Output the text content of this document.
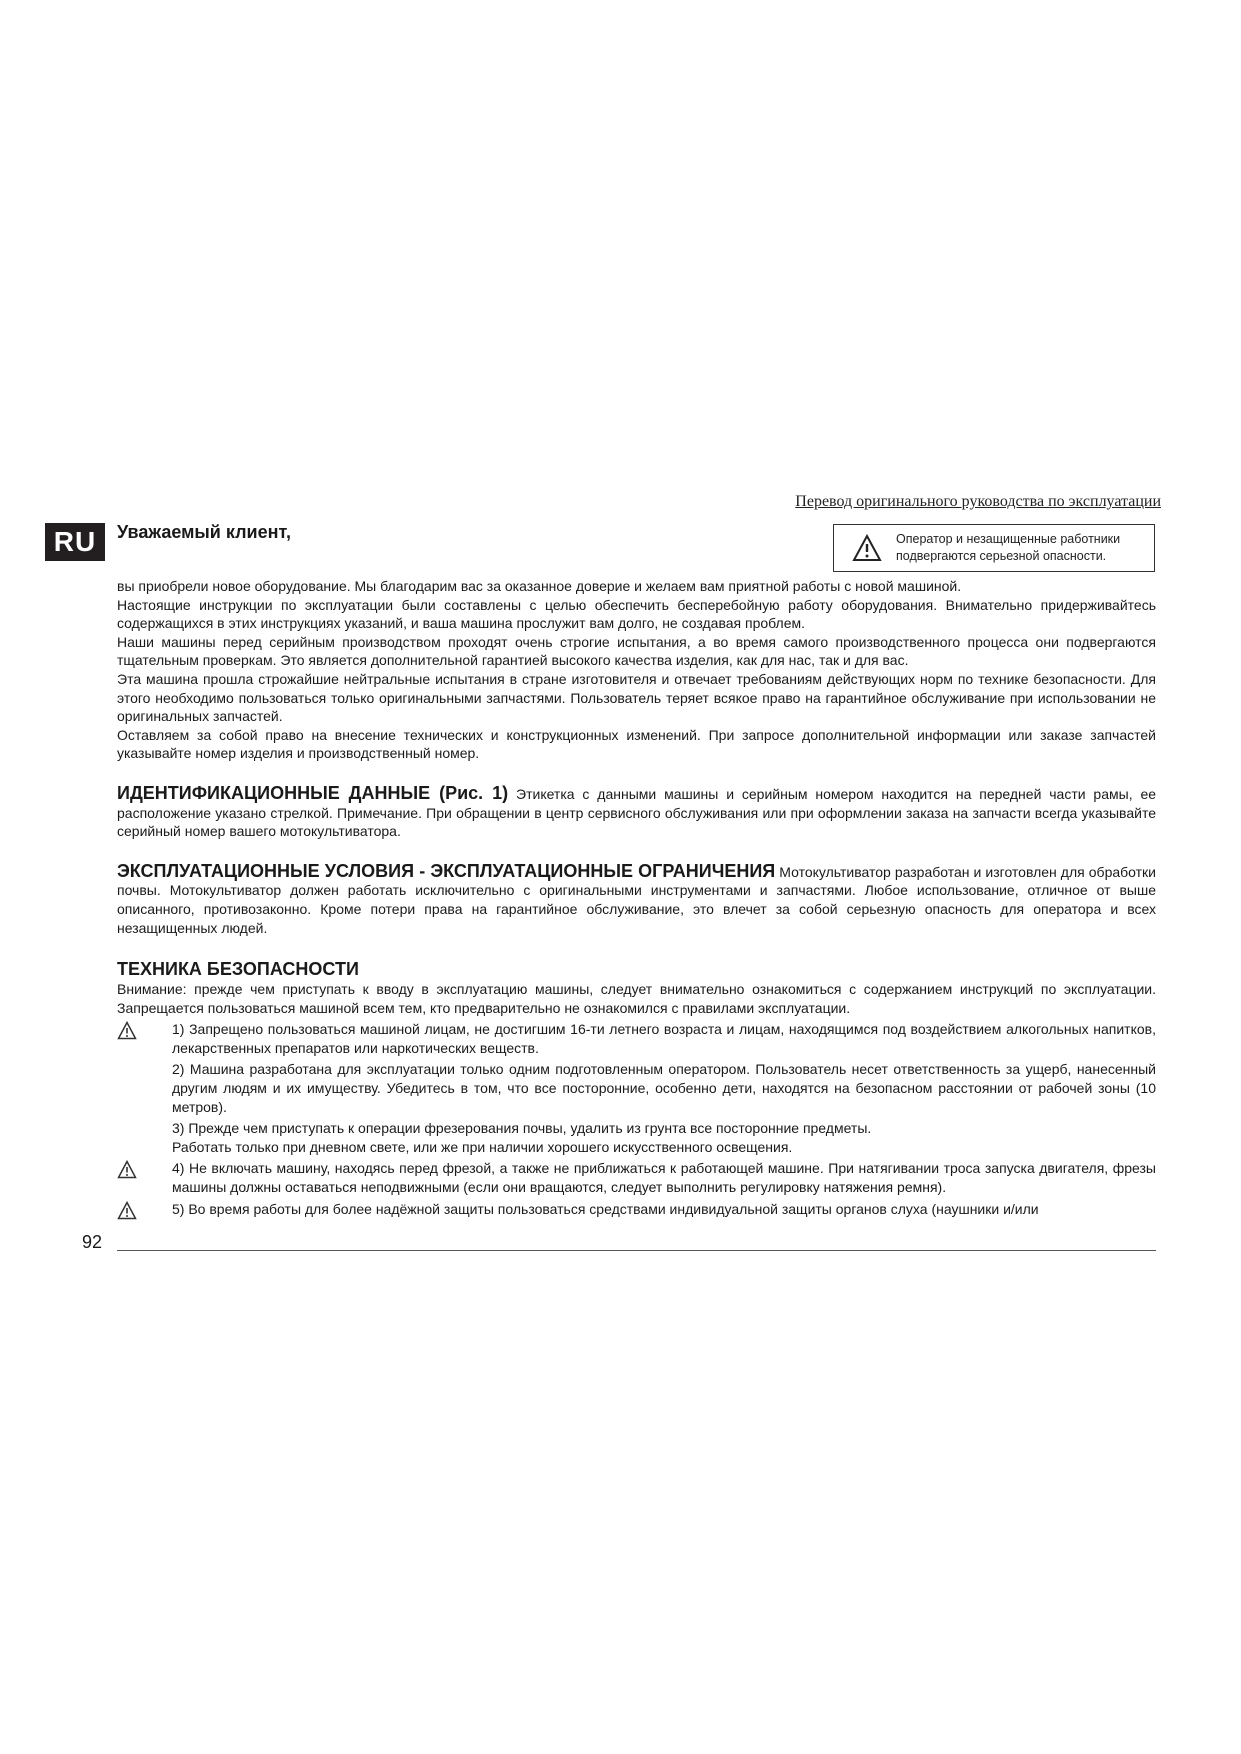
Перевод оригинального руководства по эксплуатации
RU	Уважаемый клиент,	Оператор и незащищенные работники
подвергаются серьезной опасности.

вы приобрели новое оборудование. Мы благодарим вас за оказанное доверие и желаем вам приятной работы с новой машиной.

Настоящие инструкции по эксплуатации были составлены с целью обеспечить бесперебойную работу оборудования. Внимательно придерживайтесь содержащихся в этих инструкциях указаний, и ваша машина прослужит вам долго, не создавая проблем.

Наши машины перед серийным производством проходят очень строгие испытания, а во время самого производственного процесса они подвергаются тщательным проверкам. Это является дополнительной гарантией высокого качества изделия, как для нас, так и для вас.

Эта машина прошла строжайшие нейтральные испытания в стране изготовителя и отвечает требованиям действующих норм по технике безопасности. Для этого необходимо пользоваться только оригинальными запчастями. Пользователь теряет всякое право на гарантийное обслуживание при использовании не оригинальных запчастей.

Оставляем за собой право на внесение технических и конструкционных изменений. При запросе дополнительной информации или заказе запчастей указывайте номер изделия и производственный номер.

ИДЕНТИФИКАЦИОННЫЕ ДАННЫЕ (Рис. 1) Этикетка с данными машины и серийным номером находится на передней части рамы, ее расположение указано стрелкой. Примечание. При обращении в центр сервисного обслуживания или при оформлении заказа на запчасти всегда указывайте серийный номер вашего мотокультиватора.

ЭКСПЛУАТАЦИОННЫЕ УСЛОВИЯ - ЭКСПЛУАТАЦИОННЫЕ ОГРАНИЧЕНИЯ Мотокультиватор разработан и изготовлен для обработки почвы. Мотокультиватор должен работать исключительно с оригинальными инструментами и запчастями. Любое использование, отличное от выше описанного, противозаконно. Кроме потери права на гарантийное обслуживание, это влечет за собой серьезную опасность для оператора и всех незащищенных людей.

ТЕХНИКА БЕЗОПАСНОСТИ

Внимание: прежде чем приступать к вводу в эксплуатацию машины, следует внимательно ознакомиться с содержанием инструкций по эксплуатации. Запрещается пользоваться машиной всем тем, кто предварительно не ознакомился с правилами эксплуатации.

1) Запрещено пользоваться машиной лицам, не достигшим 16-ти летнего возраста и лицам, находящимся под воздействием алкогольных напитков, лекарственных препаратов или наркотических веществ.

2) Машина разработана для эксплуатации только одним подготовленным оператором. Пользователь несет ответственность за ущерб, нанесенный другим людям и их имуществу. Убедитесь в том, что все посторонние, особенно дети, находятся на безопасном расстоянии от рабочей зоны (10 метров).

3) Прежде чем приступать к операции фрезерования почвы, удалить из грунта все посторонние предметы.

Работать только при дневном свете, или же при наличии хорошего искусственного освещения.

4) Не включать машину, находясь перед фрезой, а также не приближаться к работающей машине. При натягивании троса запуска двигателя, фрезы машины должны оставаться неподвижными (если они вращаются, следует выполнить регулировку натяжения ремня).

5) Во время работы для более надёжной защиты пользоваться средствами индивидуальной защиты органов слуха (наушники и/или

92
